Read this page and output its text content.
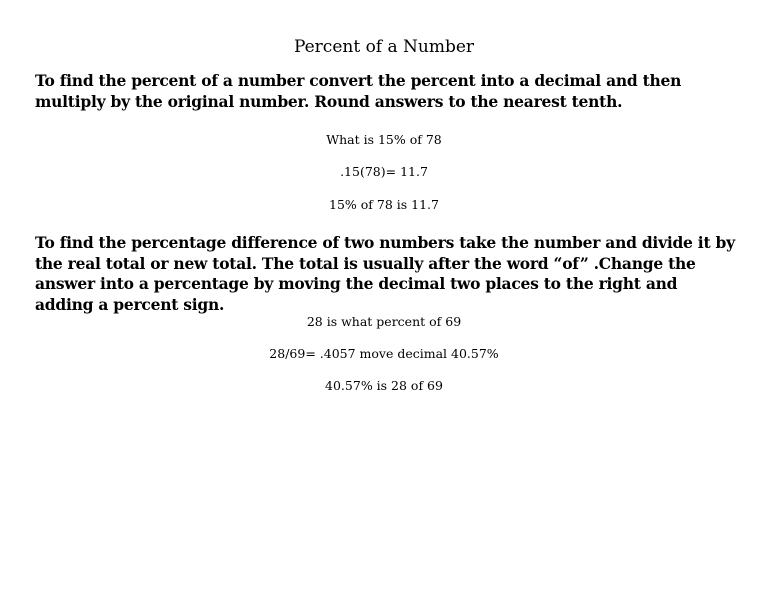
Percent of a Number
To find the percent of a number convert the percent into a decimal and then multiply by the original number. Round answers to the nearest tenth.
What is 15% of 78
.15(78)= 11.7
15% of 78 is 11.7
To find the percentage difference of two numbers take the number and divide it by the real total or new total. The total is usually after the word “of” .Change the answer into a percentage by moving the decimal two places to the right and adding a percent sign.
28 is what percent of 69
28/69= .4057 move decimal 40.57%
40.57% is 28 of 69
